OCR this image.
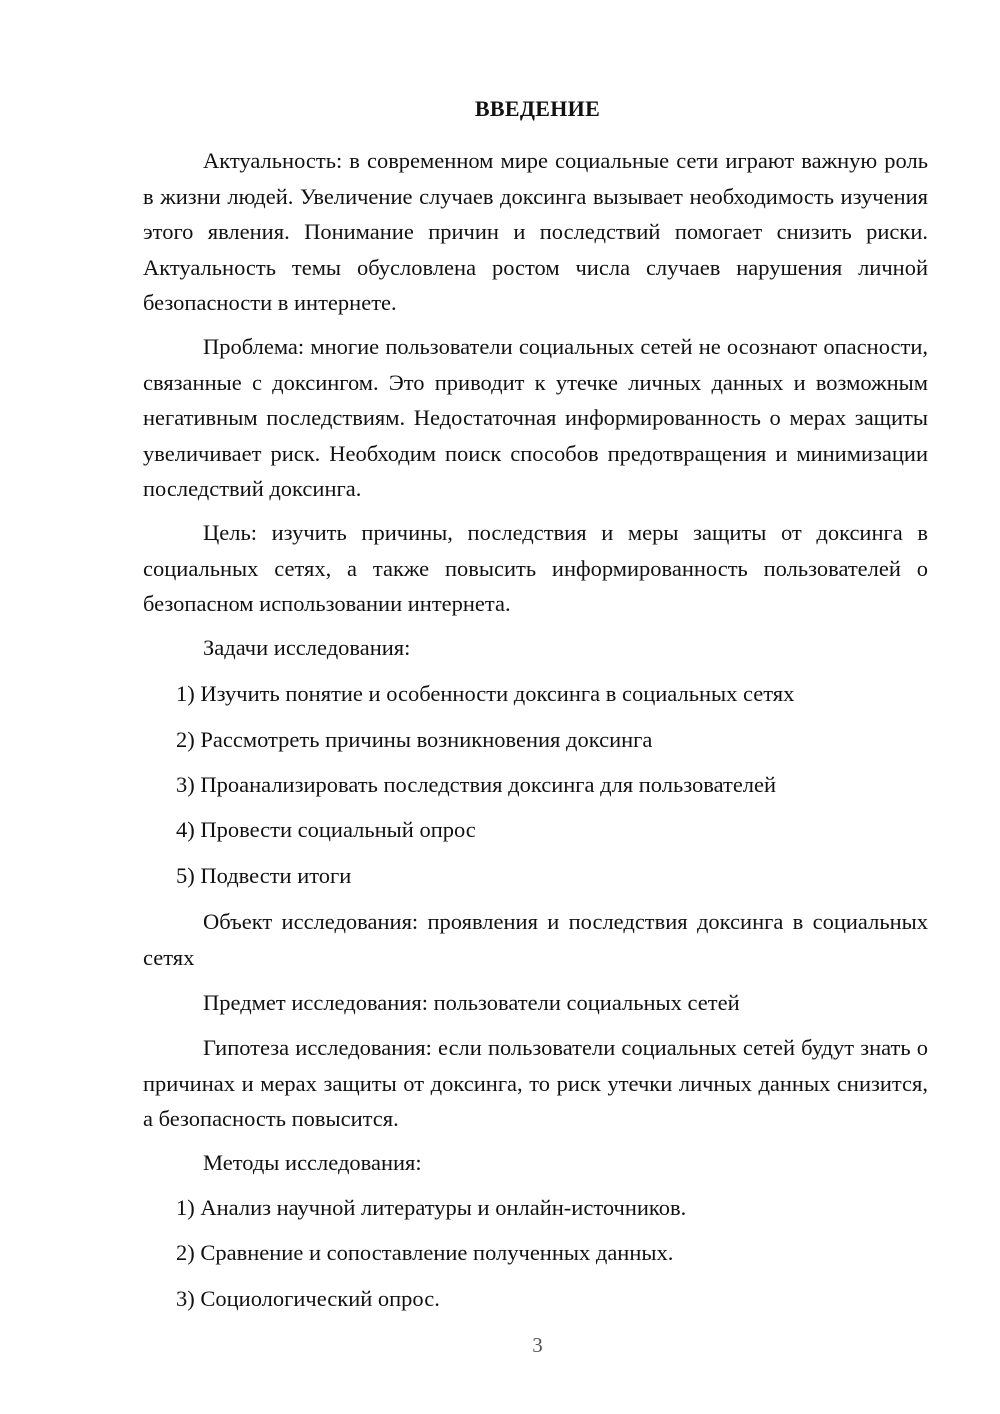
ВВЕДЕНИЕ

Актуальность: в современном мире социальные сети играют важную роль в жизни людей. Увеличение случаев доксинга вызывает необходимость изучения этого явления. Понимание причин и последствий помогает снизить риски. Актуальность темы обусловлена ростом числа случаев нарушения личной безопасности в интернете.

Проблема: многие пользователи социальных сетей не осознают опасности, связанные с доксингом. Это приводит к утечке личных данных и возможным негативным последствиям. Недостаточная информированность о мерах защиты увеличивает риск. Необходим поиск способов предотвращения и минимизации последствий доксинга.

Цель: изучить причины, последствия и меры защиты от доксинга в социальных сетях, а также повысить информированность пользователей о безопасном использовании интернета.

Задачи исследования:

1) Изучить понятие и особенности доксинга в социальных сетях

2) Рассмотреть причины возникновения доксинга

3) Проанализировать последствия доксинга для пользователей

4) Провести социальный опрос

5) Подвести итоги

Объект исследования: проявления и последствия доксинга в социальных сетях

Предмет исследования: пользователи социальных сетей

Гипотеза исследования: если пользователи социальных сетей будут знать о причинах и мерах защиты от доксинга, то риск утечки личных данных снизится, а безопасность повысится.

Методы исследования:

1) Анализ научной литературы и онлайн-источников.

2) Сравнение и сопоставление полученных данных.

3) Социологический опрос.

3
